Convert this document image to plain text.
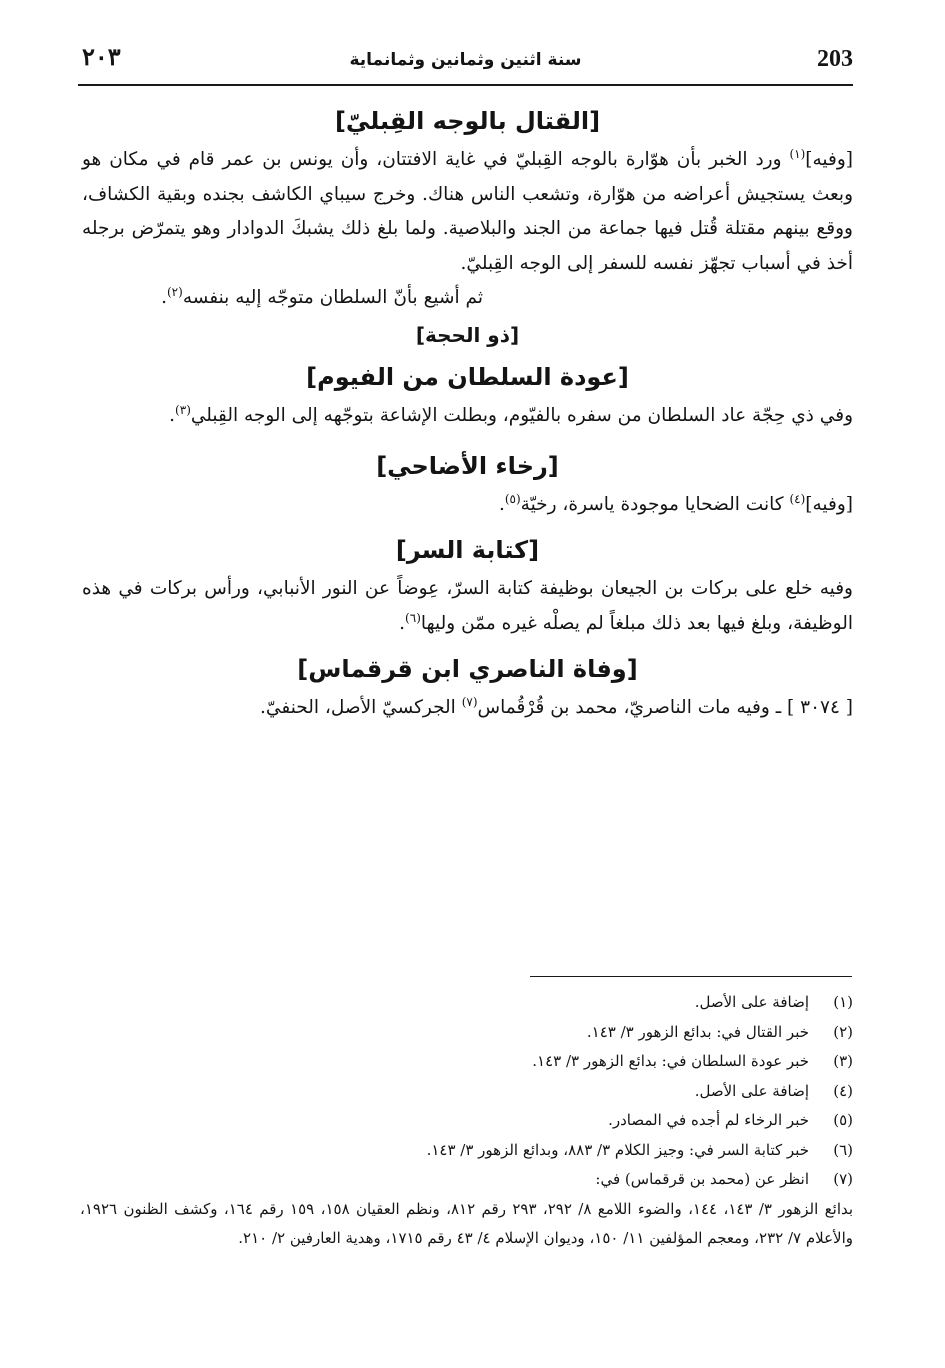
203
سنة اثنين وثمانين وثمانماية
٢٠٣
[القتال بالوجه القِبليّ]

[وفيه]$^{(١)}$ ورد الخبر بأن هوّارة بالوجه القِبليّ في غاية الافتتان، وأن يونس بن عمر قام في مكان هو وبعث يستجيش أعراضه من هوّارة، وتشعب الناس هناك. وخرج سيباي الكاشف بجنده وبقية الكشاف، ووقع بينهم مقتلة قُتل فيها جماعة من الجند والبلاصية. ولما بلغ ذلك يشبكَ الدوادار وهو يتمرّض برجله أخذ في أسباب تجهّز نفسه للسفر إلى الوجه القِبليّ.

                    ثم أشيع بأنّ السلطان متوجّه إليه بنفسه$^{(٢)}$.

[ذو الحجة]
[عودة السلطان من الفيوم]

وفي ذي حِجّة عاد السلطان من سفره بالفيّوم، وبطلت الإشاعة بتوجّهه إلى الوجه القِبلي$^{(٣)}$.

[رخاء الأضاحي]

[وفيه]$^{(٤)}$ كانت الضحايا موجودة ياسرة، رخيّة$^{(٥)}$.

[كتابة السر]

وفيه خلع على بركات بن الجيعان بوظيفة كتابة السرّ، عِوضاً عن النور الأنبابي، ورأس بركات في هذه الوظيفة، وبلغ فيها بعد ذلك مبلغاً لم يصلْه غيره ممّن وليها$^{(٦)}$.

[وفاة الناصري ابن قرقماس]

[ ٣٠٧٤ ] ـ وفيه مات الناصريّ، محمد بن قُرْقُماس$^{(٧)}$ الجركسيّ الأصل، الحنفيّ.

(١)
إضافة على الأصل.
(٢)
خبر القتال في: بدائع الزهور ٣/ ١٤٣.
(٣)
خبر عودة السلطان في: بدائع الزهور ٣/ ١٤٣.
(٤)
إضافة على الأصل.
(٥)
خبر الرخاء لم أجده في المصادر.
(٦)
خبر كتابة السر في: وجيز الكلام ٣/ ٨٨٣، وبدائع الزهور ٣/ ١٤٣.
(٧)
انظر عن (محمد بن قرقماس) في:
بدائع الزهور ٣/ ١٤٣، ١٤٤، والضوء اللامع ٨/ ٢٩٢، ٢٩٣ رقم ٨١٢، ونظم العقيان ١٥٨، ١٥٩ رقم ١٦٤، وكشف الظنون ١٩٢٦، والأعلام ٧/ ٢٣٢، ومعجم المؤلفين ١١/ ١٥٠، وديوان الإسلام ٤/ ٤٣ رقم ١٧١٥، وهدية العارفين ٢/ ٢١٠.
